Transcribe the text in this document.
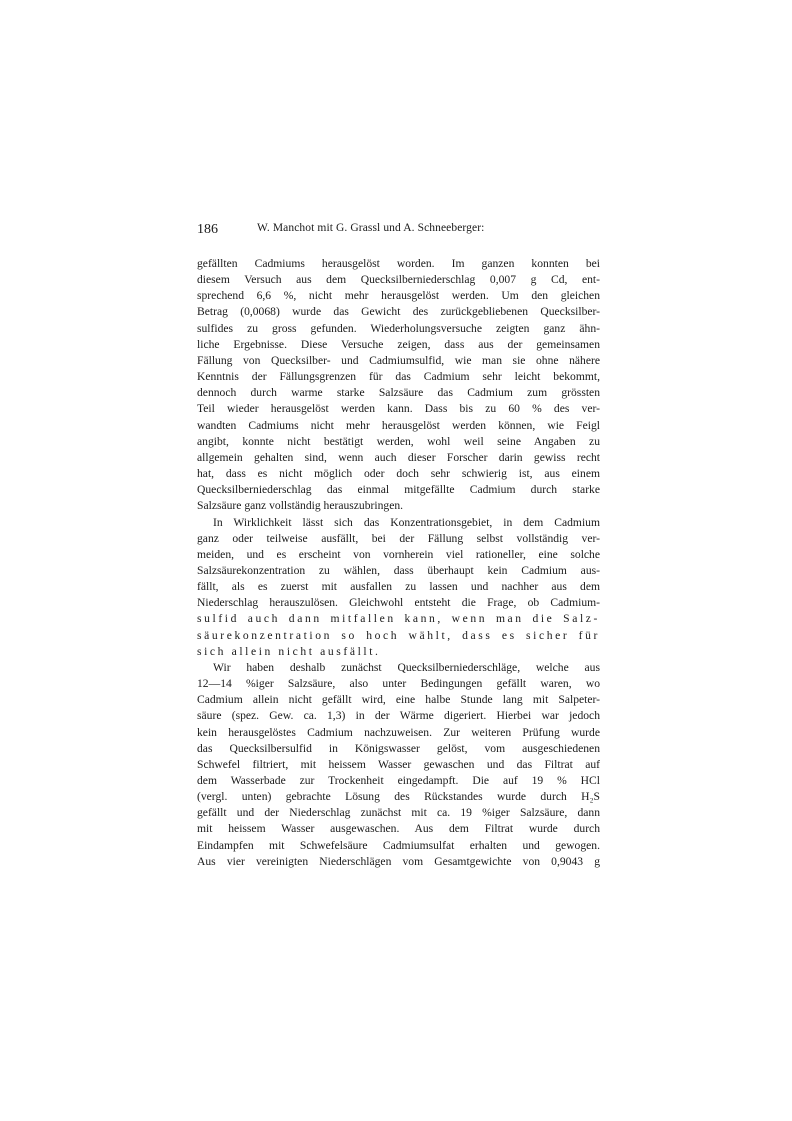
186	W. Manchot mit G. Grassl und A. Schneeberger:
gefällten Cadmiums herausgelöst worden. Im ganzen konnten bei
diesem Versuch aus dem Quecksilberniederschlag 0,007 g Cd, ent-
sprechend 6,6 %, nicht mehr herausgelöst werden. Um den gleichen
Betrag (0,0068) wurde das Gewicht des zurückgebliebenen Quecksilber-
sulfides zu gross gefunden. Wiederholungsversuche zeigten ganz ähn-
liche Ergebnisse. Diese Versuche zeigen, dass aus der gemeinsamen
Fällung von Quecksilber- und Cadmiumsulfid, wie man sie ohne nähere
Kenntnis der Fällungsgrenzen für das Cadmium sehr leicht bekommt,
dennoch durch warme starke Salzsäure das Cadmium zum grössten
Teil wieder herausgelöst werden kann. Dass bis zu 60 % des ver-
wandten Cadmiums nicht mehr herausgelöst werden können, wie Feigl
angibt, konnte nicht bestätigt werden, wohl weil seine Angaben zu
allgemein gehalten sind, wenn auch dieser Forscher darin gewiss recht
hat, dass es nicht möglich oder doch sehr schwierig ist, aus einem
Quecksilberniederschlag das einmal mitgefällte Cadmium durch starke
Salzsäure ganz vollständig herauszubringen.
In Wirklichkeit lässt sich das Konzentrationsgebiet, in dem Cadmium
ganz oder teilweise ausfällt, bei der Fällung selbst vollständig ver-
meiden, und es erscheint von vornherein viel rationeller, eine solche
Salzsäurekonzentration zu wählen, dass überhaupt kein Cadmium aus-
fällt, als es zuerst mit ausfallen zu lassen und nachher aus dem
Niederschlag herauszulösen. Gleichwohl entsteht die Frage, ob Cadmium-
sulfid auch dann mitfallen kann, wenn man die Salz-
säurekonzentration so hoch wählt, dass es sicher für
sich allein nicht ausfällt.
Wir haben deshalb zunächst Quecksilberniederschläge, welche aus
12—14 %iger Salzsäure, also unter Bedingungen gefällt waren, wo
Cadmium allein nicht gefällt wird, eine halbe Stunde lang mit Salpeter-
säure (spez. Gew. ca. 1,3) in der Wärme digeriert. Hierbei war jedoch
kein herausgelöstes Cadmium nachzuweisen. Zur weiteren Prüfung wurde
das Quecksilbersulfid in Königswasser gelöst, vom ausgeschiedenen
Schwefel filtriert, mit heissem Wasser gewaschen und das Filtrat auf
dem Wasserbade zur Trockenheit eingedampft. Die auf 19 % HCl
(vergl. unten) gebrachte Lösung des Rückstandes wurde durch H₂S
gefällt und der Niederschlag zunächst mit ca. 19 %iger Salzsäure, dann
mit heissem Wasser ausgewaschen. Aus dem Filtrat wurde durch
Eindampfen mit Schwefelsäure Cadmiumsulfat erhalten und gewogen.
Aus vier vereinigten Niederschlägen vom Gesamtgewichte von 0,9043 g
